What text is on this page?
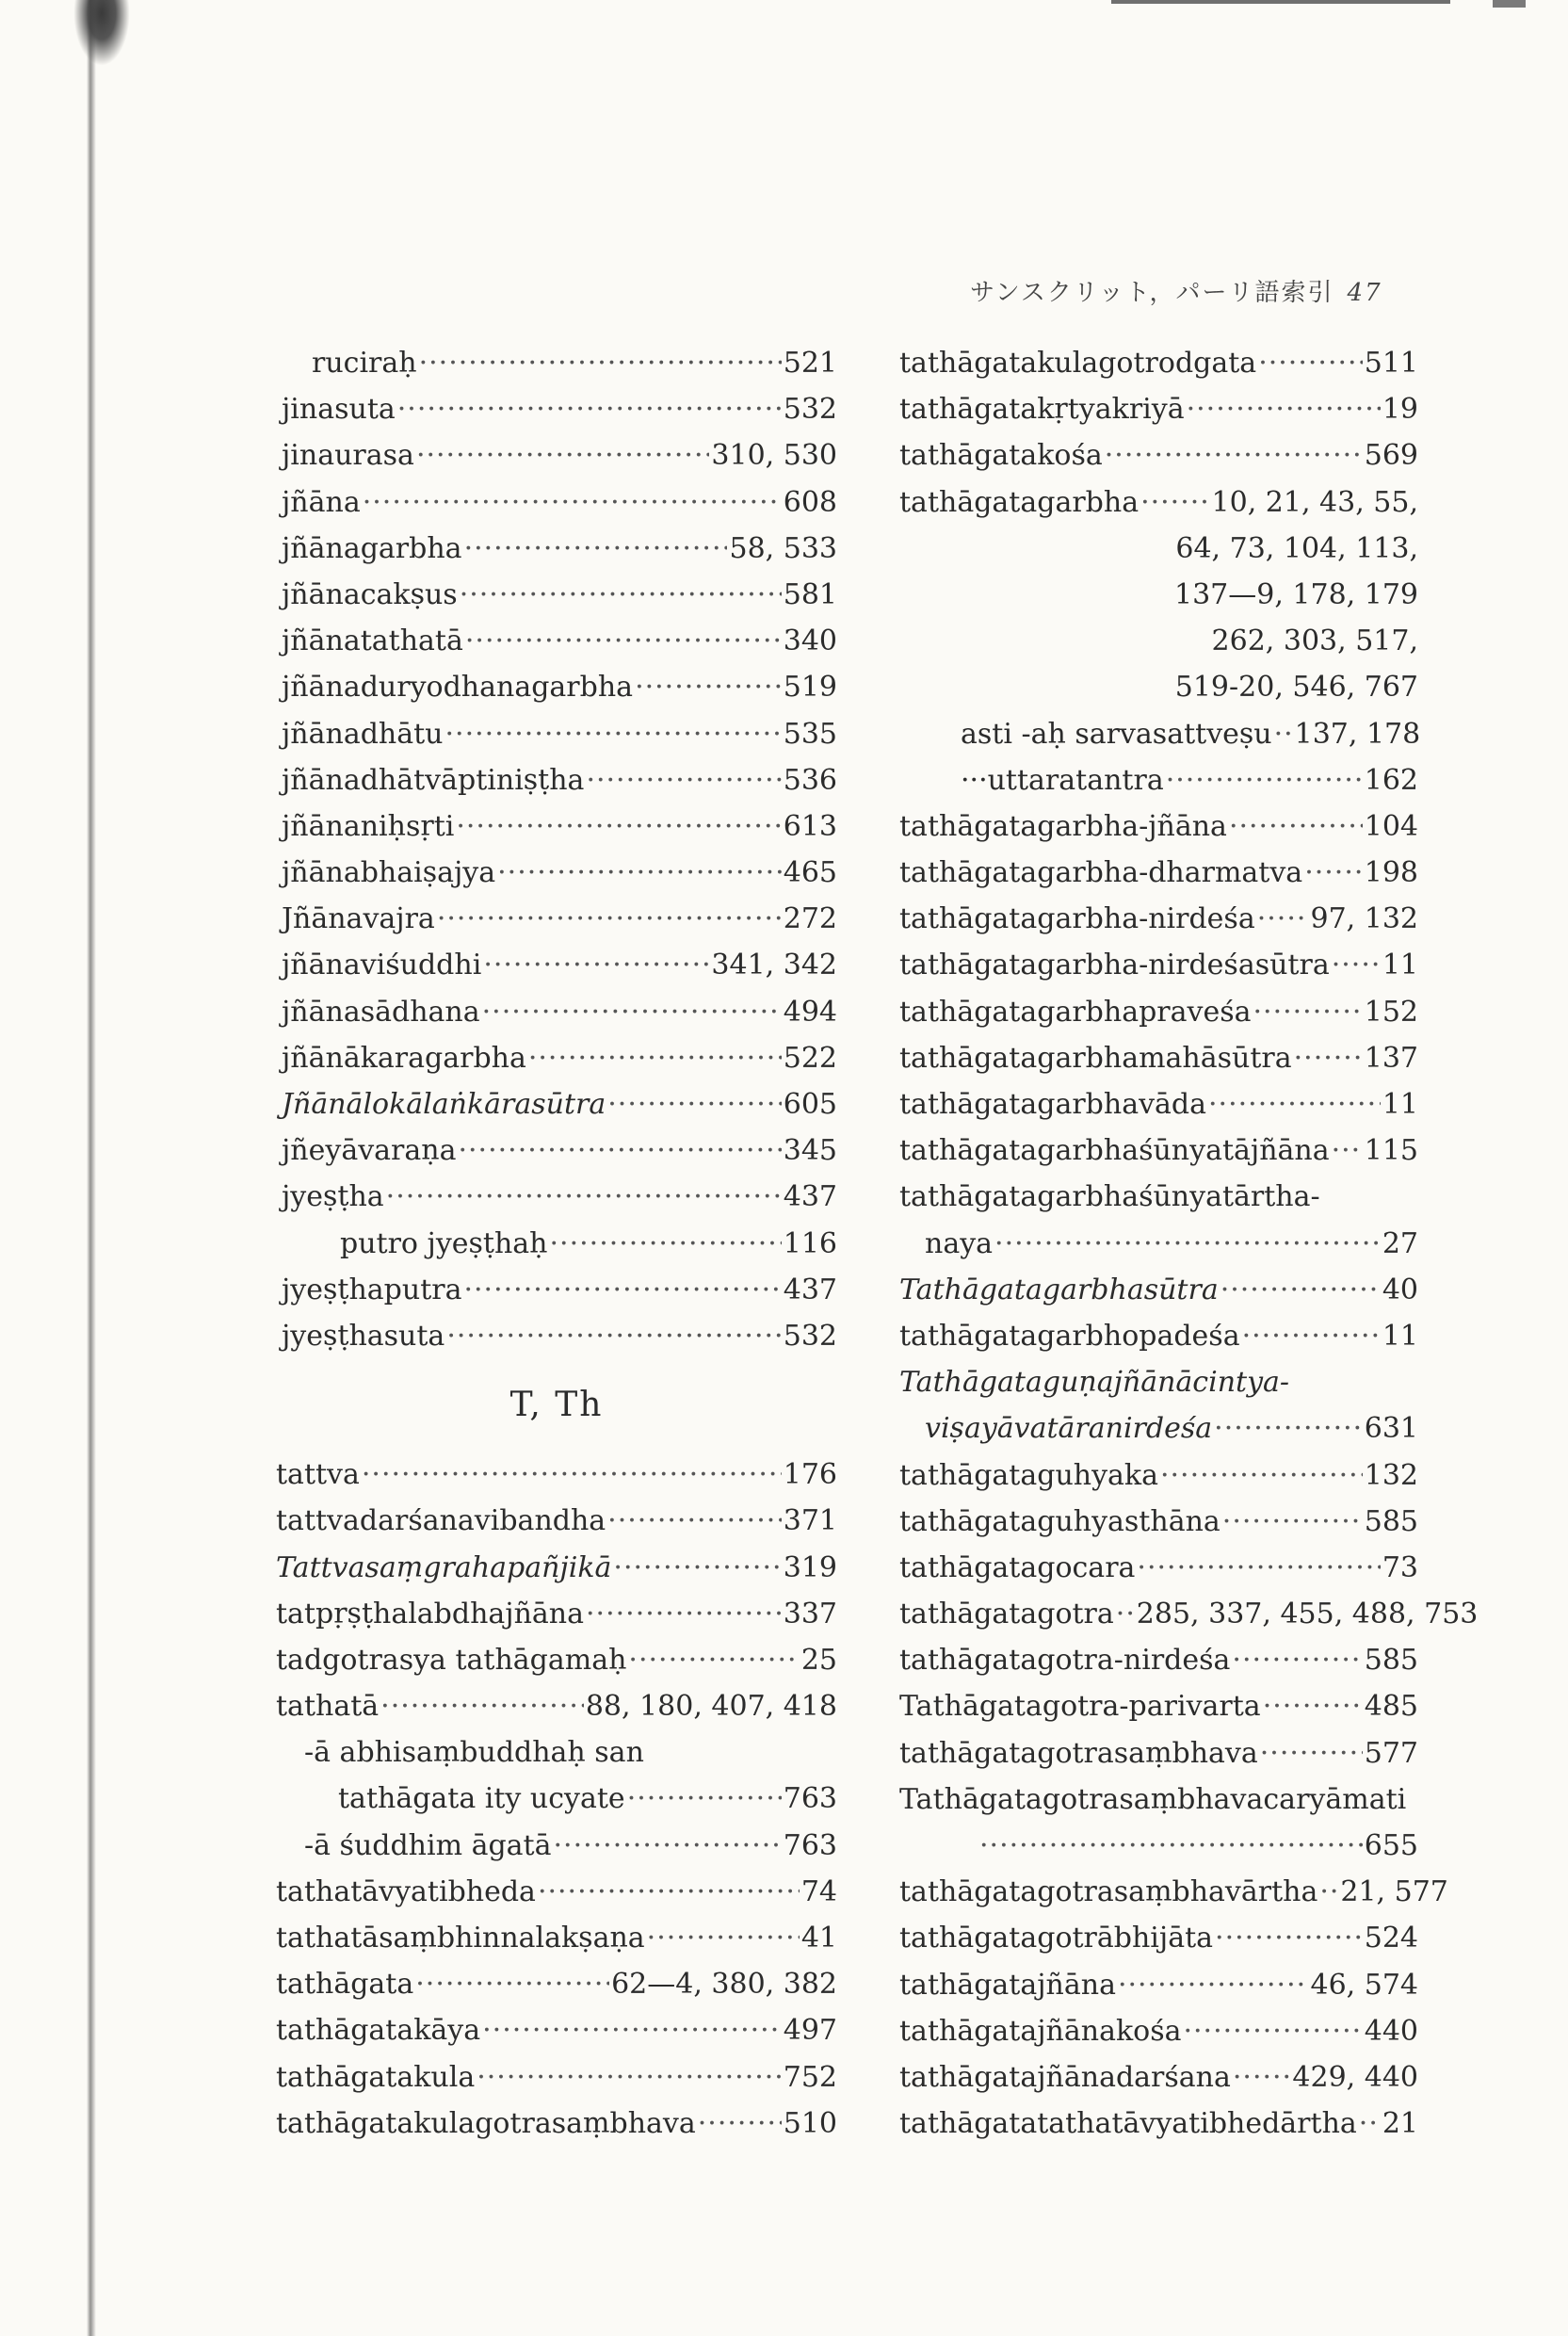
サンスクリット，パーリ語索引 47
ruciraḥ ·····	521
jinasuta ·····	532
jinaurasa ·····	310, 530
jñāna ·····	608
jñānagarbha ·····	58, 533
jñānacakṣus ·····	581
jñānatathatā ·····	340
jñānaduryodhanagarbha ·····	519
jñānadhātu ·····	535
jñānadhātvāptiniṣṭha ·····	536
jñānaniḥsṛti ·····	613
jñānabhaiṣajya ·····	465
Jñānavajra ·····	272
jñānaviśuddhi ·····	341, 342
jñānasādhana ·····	494
jñānākaragarbha ·····	522
Jñānālokālaṅkārasūtra ·····	605
jñeyāvaraṇa ·····	345
jyeṣṭha ·····	437
putro jyeṣṭhaḥ ·····	116
jyeṣṭhaputra ·····	437
jyeṣṭhasuta ·····	532
T, Th
tattva ·····	176
tattvadarśanavibandha ·····	371
Tattvasaṃgrahapañjikā ·····	319
tatpṛṣṭhalabdhajñāna ·····	337
tadgotrasya tathāgamaḥ ·····	25
tathatā ·····	88, 180, 407, 418
-ā abhisaṃbuddhaḥ san
tathāgata ity ucyate ·····	763
-ā śuddhim āgatā ·····	763
tathatāvyatibheda ·····	74
tathatāsaṃbhinnalakṣaṇa ·····	41
tathāgata ·····	62—4, 380, 382
tathāgatakāya ·····	497
tathāgatakula ·····	752
tathāgatakulagotrasaṃbhava ·····	510
tathāgatakulagotrodgata ·····	511
tathāgatakṛtyakriyā ·····	19
tathāgatakośa ·····	569
tathāgatagarbha ·····	10, 21, 43, 55,
64, 73, 104, 113,
137—9, 178, 179
262, 303, 517,
519-20, 546, 767
asti -aḥ sarvasattveṣu ····· 137, 178
···uttaratantra ·····	162
tathāgatagarbha-jñāna ·····	104
tathāgatagarbha-dharmatva ····· 198
tathāgatagarbha-nirdeśa ····· 97, 132
tathāgatagarbha-nirdeśasūtra ····· 11
tathāgatagarbhapraveśa ·····	152
tathāgatagarbhamahāsūtra ·····	137
tathāgatagarbhavāda ·····	11
tathāgatagarbhaśūnyatājñāna ····· 115
tathāgatagarbhaśūnyatārtha-
naya ·····	27
Tathāgatagarbhasūtra ·····	40
tathāgatagarbhopadeśa ·····	11
Tathāgataguṇajñānācintya-
viṣayāvatāranirdeśa ·····	631
tathāgataguhyaka ·····	132
tathāgataguhyasthāna ·····	585
tathāgatagocara ·····	73
tathāgatagotra ····· 285, 337, 455, 488, 753
tathāgatagotra-nirdeśa ·····	585
Tathāgatagotra-parivarta ·····	485
tathāgatagotrasaṃbhava ·····	577
Tathāgatagotrasaṃbhavacaryāmati
·····
655
tathāgatagotrasaṃbhavārtha ····· 21, 577
tathāgatagotrābhijāta ·····	524
tathāgatajñāna ·····	46, 574
tathāgatajñānakośa ·····	440
tathāgatajñānadarśana ····· 429, 440
tathāgatatathatāvyatibhedārtha ····· 21
